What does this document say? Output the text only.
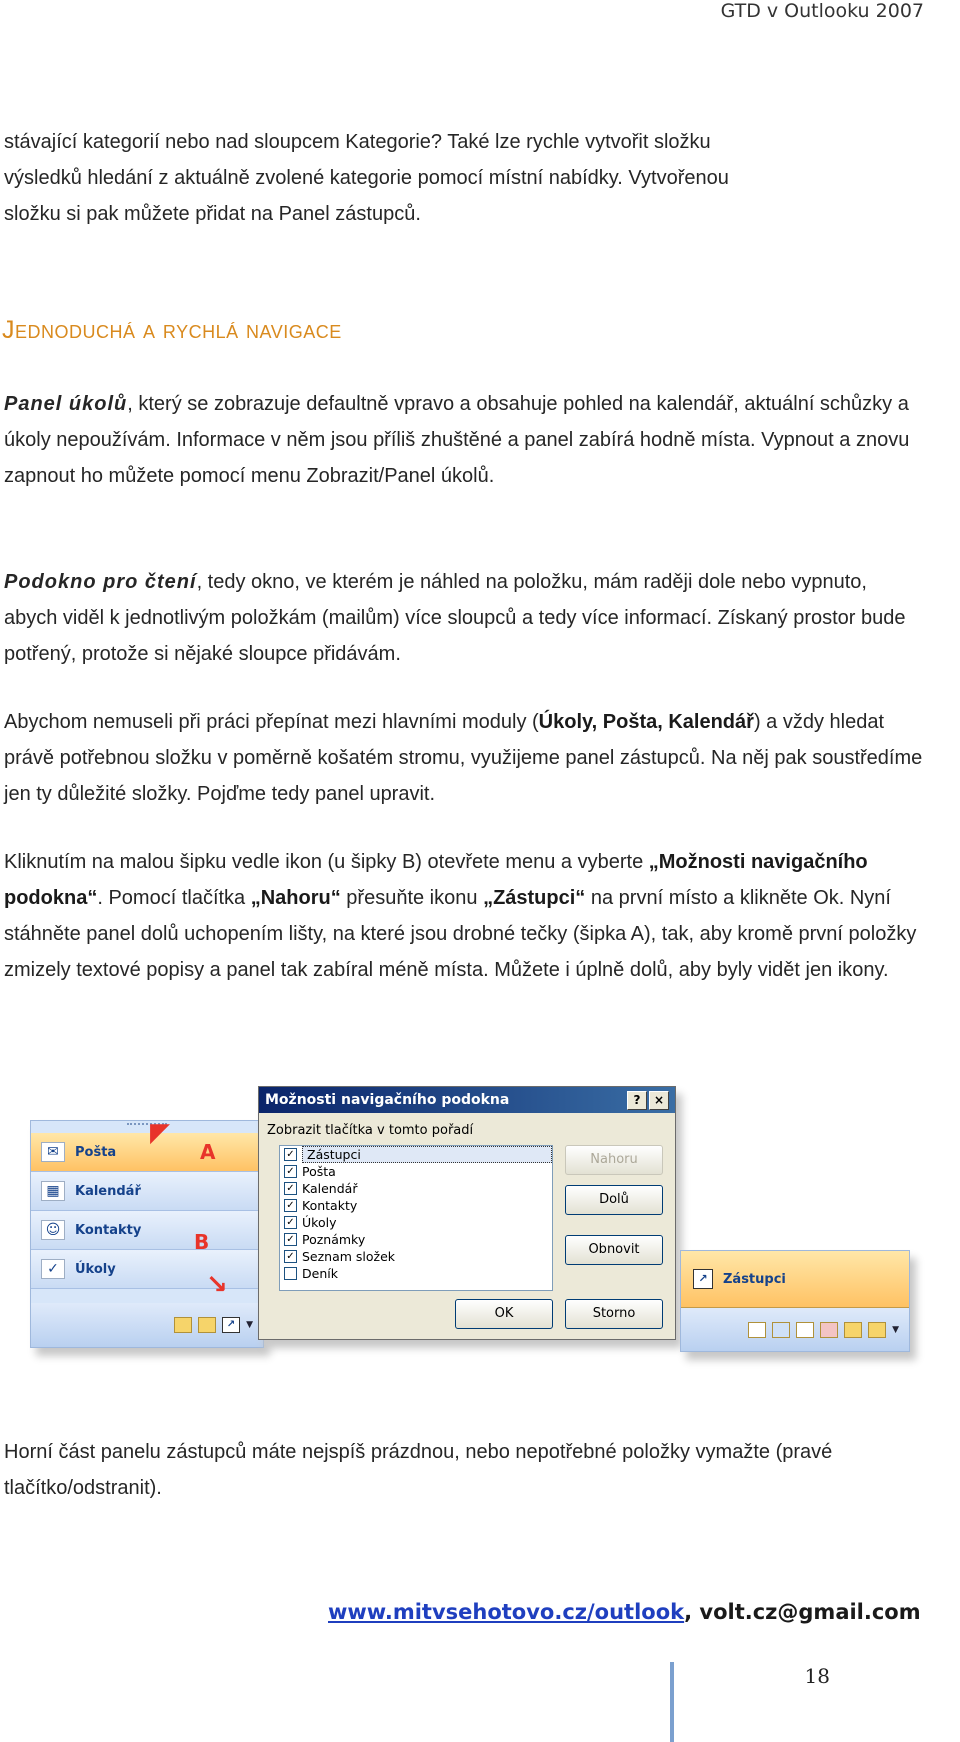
GTD v Outlooku 2007
stávající kategorií nebo nad sloupcem Kategorie? Také lze rychle vytvořit složku
výsledků hledání z aktuálně zvolené kategorie pomocí místní nabídky. Vytvořenou
složku si pak můžete přidat na Panel zástupců.
Jednoduchá a rychlá navigace

Panel úkolů, který se zobrazuje defaultně vpravo a obsahuje pohled na kalendář, aktuální schůzky a úkoly nepoužívám. Informace v něm jsou příliš zhuštěné a panel zabírá hodně místa. Vypnout a znovu zapnout ho můžete pomocí menu Zobrazit/Panel úkolů.

Podokno pro čtení, tedy okno, ve kterém je náhled na položku, mám raději dole nebo vypnuto, abych viděl k jednotlivým položkám (mailům) více sloupců a tedy více informací. Získaný prostor bude potřený, protože si nějaké sloupce přidávám.

Abychom nemuseli při práci přepínat mezi hlavními moduly (Úkoly, Pošta, Kalendář) a vždy hledat právě potřebnou složku v poměrně košatém stromu, využijeme panel zástupců. Na něj pak soustředíme jen ty důležité složky. Pojďme tedy panel upravit.

Kliknutím na malou šipku vedle ikon (u šipky B) otevřete menu a vyberte „Možnosti navigačního podokna“. Pomocí tlačítka „Nahoru“ přesuňte ikonu „Zástupci“ na první místo a klikněte Ok. Nyní stáhněte panel dolů uchopením lišty, na které jsou drobné tečky (šipka A), tak, aby kromě první položky zmizely textové popisy a panel tak zabíral méně místa. Můžete i úplně dolů, aby byly vidět jen ikony.

✉	Pošta
▦	Kalendář
☺	Kontakty
✓	Úkoly
↗	▼
◤
A
B
↘
Možnosti navigačního podokna	?	×
Zobrazit tlačítka v tomto pořadí
✓ Zástupci
✓ Pošta
✓ Kalendář
✓ Kontakty
✓ Úkoly
✓ Poznámky
✓ Seznam složek
Deník
Nahoru
Dolů
Obnovit
OK	Storno
↗	Zástupci
▼

Horní část panelu zástupců máte nejspíš prázdnou, nebo nepotřebné položky vymažte (pravé tlačítko/odstranit).

www.mitvsehotovo.cz/outlook, volt.cz@gmail.com
18
